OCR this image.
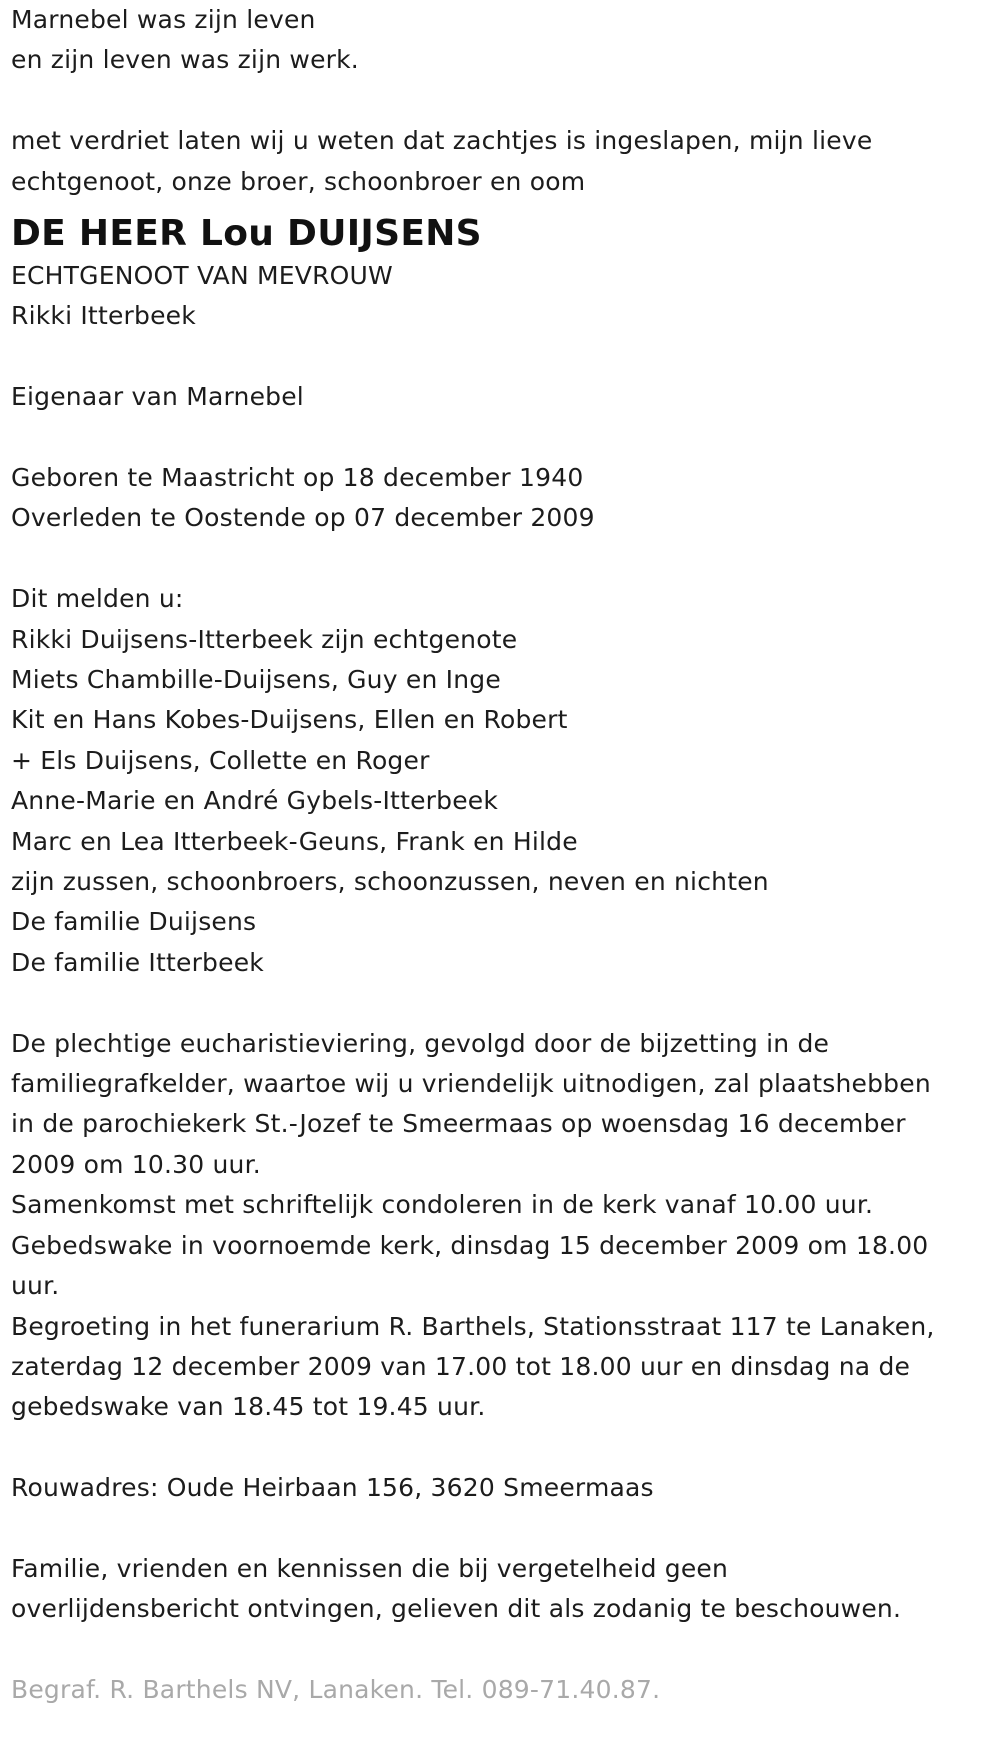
Marnebel was zijn leven
en zijn leven was zijn werk.
met verdriet laten wij u weten dat zachtjes is ingeslapen, mijn lieve
echtgenoot, onze broer, schoonbroer en oom
DE HEER Lou DUIJSENS
ECHTGENOOT VAN MEVROUW
Rikki Itterbeek
Eigenaar van Marnebel
Geboren te Maastricht op 18 december 1940
Overleden te Oostende op 07 december 2009
Dit melden u:
Rikki Duijsens-Itterbeek zijn echtgenote
Miets Chambille-Duijsens, Guy en Inge
Kit en Hans Kobes-Duijsens, Ellen en Robert
+ Els Duijsens, Collette en Roger
Anne-Marie en André Gybels-Itterbeek
Marc en Lea Itterbeek-Geuns, Frank en Hilde
zijn zussen, schoonbroers, schoonzussen, neven en nichten
De familie Duijsens
De familie Itterbeek
De plechtige eucharistieviering, gevolgd door de bijzetting in de
familiegrafkelder, waartoe wij u vriendelijk uitnodigen, zal plaatshebben
in de parochiekerk St.-Jozef te Smeermaas op woensdag 16 december
2009 om 10.30 uur.
Samenkomst met schriftelijk condoleren in de kerk vanaf 10.00 uur.
Gebedswake in voornoemde kerk, dinsdag 15 december 2009 om 18.00
uur.
Begroeting in het funerarium R. Barthels, Stationsstraat 117 te Lanaken,
zaterdag 12 december 2009 van 17.00 tot 18.00 uur en dinsdag na de
gebedswake van 18.45 tot 19.45 uur.
Rouwadres: Oude Heirbaan 156, 3620 Smeermaas
Familie, vrienden en kennissen die bij vergetelheid geen
overlijdensbericht ontvingen, gelieven dit als zodanig te beschouwen.
Begraf. R. Barthels NV, Lanaken. Tel. 089-71.40.87.
